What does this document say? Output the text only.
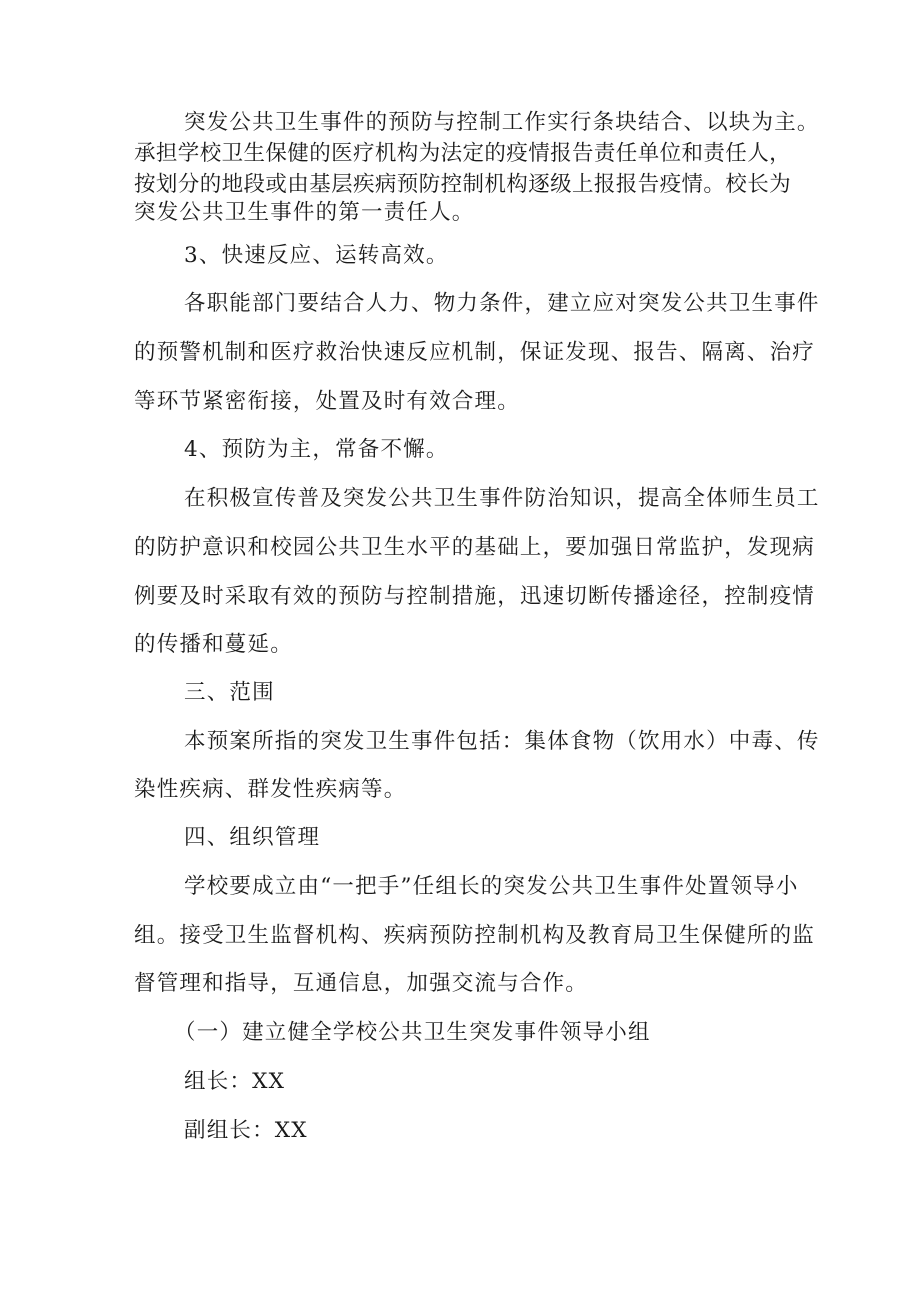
突发公共卫生事件的预防与控制工作实行条块结合、以块为主。
承担学校卫生保健的医疗机构为法定的疫情报告责任单位和责任人，
按划分的地段或由基层疾病预防控制机构逐级上报报告疫情。校长为
突发公共卫生事件的第一责任人。
3、快速反应、运转高效。
各职能部门要结合人力、物力条件，建立应对突发公共卫生事件
的预警机制和医疗救治快速反应机制，保证发现、报告、隔离、治疗
等环节紧密衔接，处置及时有效合理。
4、预防为主，常备不懈。
在积极宣传普及突发公共卫生事件防治知识，提高全体师生员工
的防护意识和校园公共卫生水平的基础上，要加强日常监护，发现病
例要及时采取有效的预防与控制措施，迅速切断传播途径，控制疫情
的传播和蔓延。
三、范围
本预案所指的突发卫生事件包括：集体食物（饮用水）中毒、传
染性疾病、群发性疾病等。
四、组织管理
学校要成立由“一把手”任组长的突发公共卫生事件处置领导小
组。接受卫生监督机构、疾病预防控制机构及教育局卫生保健所的监
督管理和指导，互通信息，加强交流与合作。
（一）建立健全学校公共卫生突发事件领导小组
组长：XX
副组长：XX
